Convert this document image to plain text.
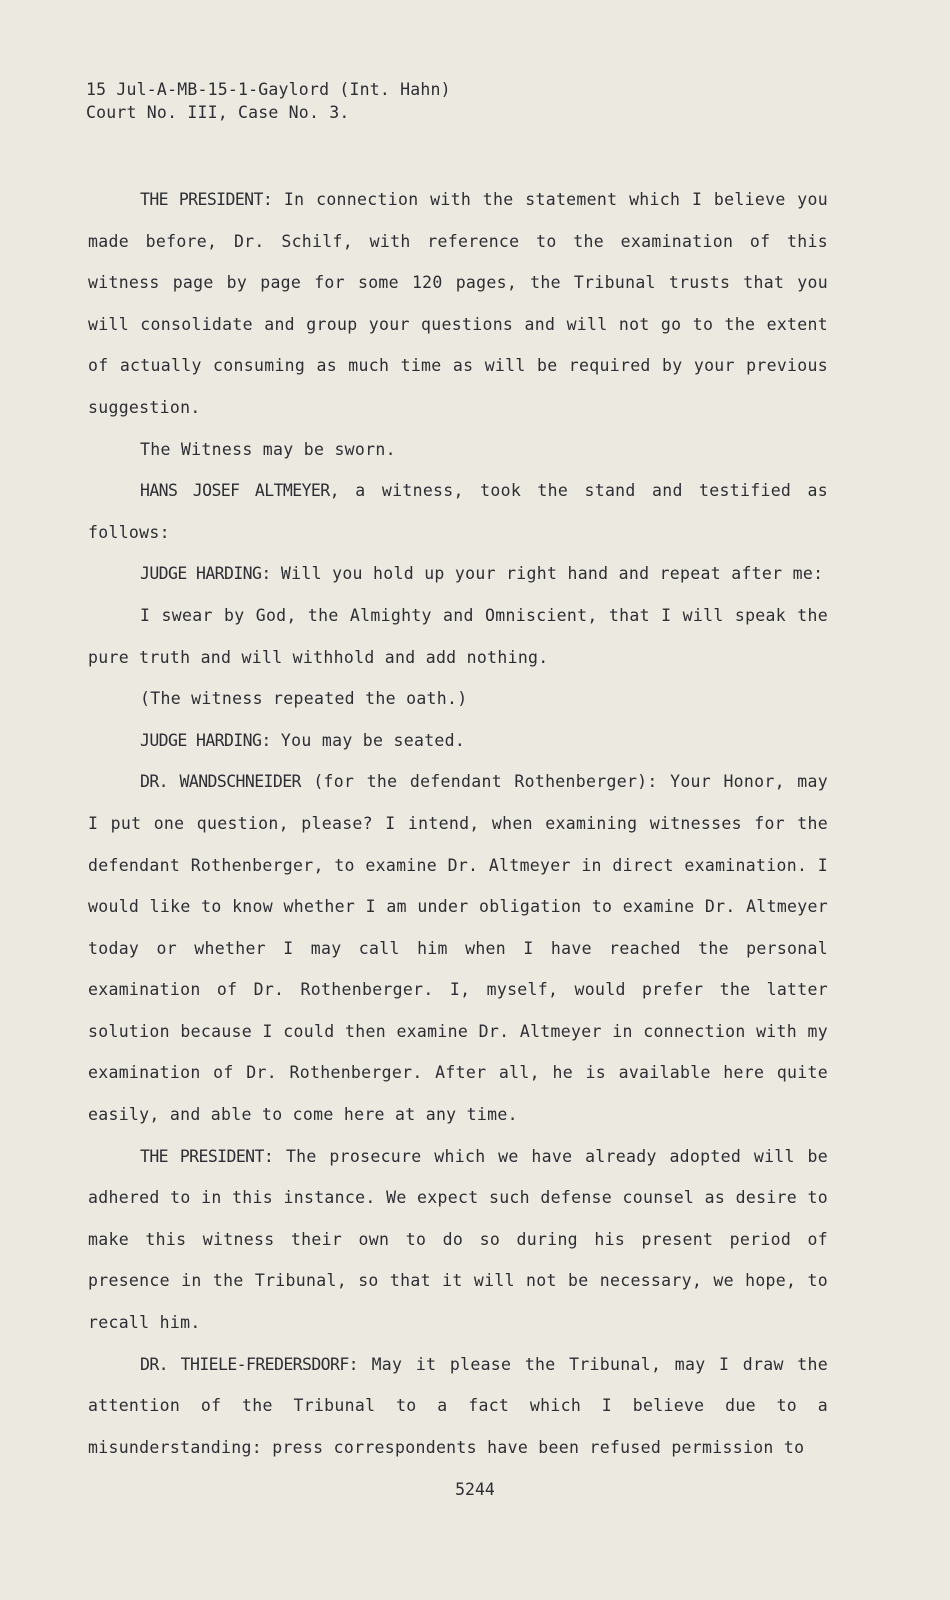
15 Jul-A-MB-15-1-Gaylord (Int. Hahn)
Court No. III, Case No. 3.

THE PRESIDENT: In connection with the statement which I believe you made before, Dr. Schilf, with reference to the examination of this witness page by page for some 120 pages, the Tribunal trusts that you will consolidate and group your questions and will not go to the extent of actually consuming as much time as will be required by your previous suggestion.

The Witness may be sworn.

HANS JOSEF ALTMEYER, a witness, took the stand and testified as follows:

JUDGE HARDING: Will you hold up your right hand and repeat after me:

I swear by God, the Almighty and Omniscient, that I will speak the pure truth and will withhold and add nothing.

(The witness repeated the oath.)

JUDGE HARDING: You may be seated.

DR. WANDSCHNEIDER (for the defendant Rothenberger): Your Honor, may I put one question, please? I intend, when examining witnesses for the defendant Rothenberger, to examine Dr. Altmeyer in direct examination. I would like to know whether I am under obligation to examine Dr. Altmeyer today or whether I may call him when I have reached the personal examination of Dr. Rothenberger. I, myself, would prefer the latter solution because I could then examine Dr. Altmeyer in connection with my examination of Dr. Rothenberger. After all, he is available here quite easily, and able to come here at any time.

THE PRESIDENT: The prosecure which we have already adopted will be adhered to in this instance. We expect such defense counsel as desire to make this witness their own to do so during his present period of presence in the Tribunal, so that it will not be necessary, we hope, to recall him.

DR. THIELE-FREDERSDORF: May it please the Tribunal, may I draw the attention of the Tribunal to a fact which I believe due to a misunderstanding: press correspondents have been refused permission to

5244
